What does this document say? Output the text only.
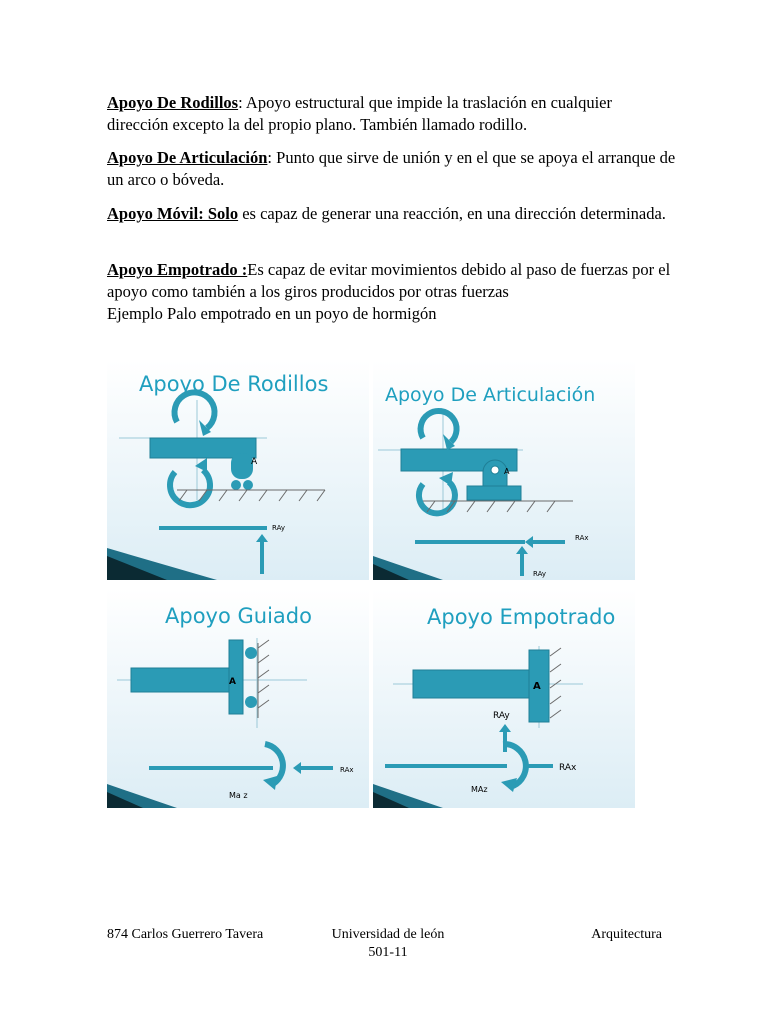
Apoyo De Rodillos: Apoyo estructural que impide la traslación en cualquier dirección excepto la del propio plano. También llamado rodillo.

Apoyo De Articulación: Punto que sirve de unión y en el que se apoya el arranque de un arco o bóveda.

Apoyo Móvil: Solo es capaz de generar una reacción, en una dirección determinada.

Apoyo Empotrado :Es capaz de evitar movimientos debido al paso de fuerzas por el apoyo como también a los giros producidos por otras fuerzas
Ejemplo Palo empotrado en un poyo de hormigón

Apoyo De Rodillos
A
RAy
Apoyo De Articulación
A
RAx
RAy
Apoyo Guiado
A
RAx
Ma z
Apoyo Empotrado
A
RAy
RAx
MAz
874 Carlos Guerrero Tavera	Universidad de león
501-11
Arquitectura
